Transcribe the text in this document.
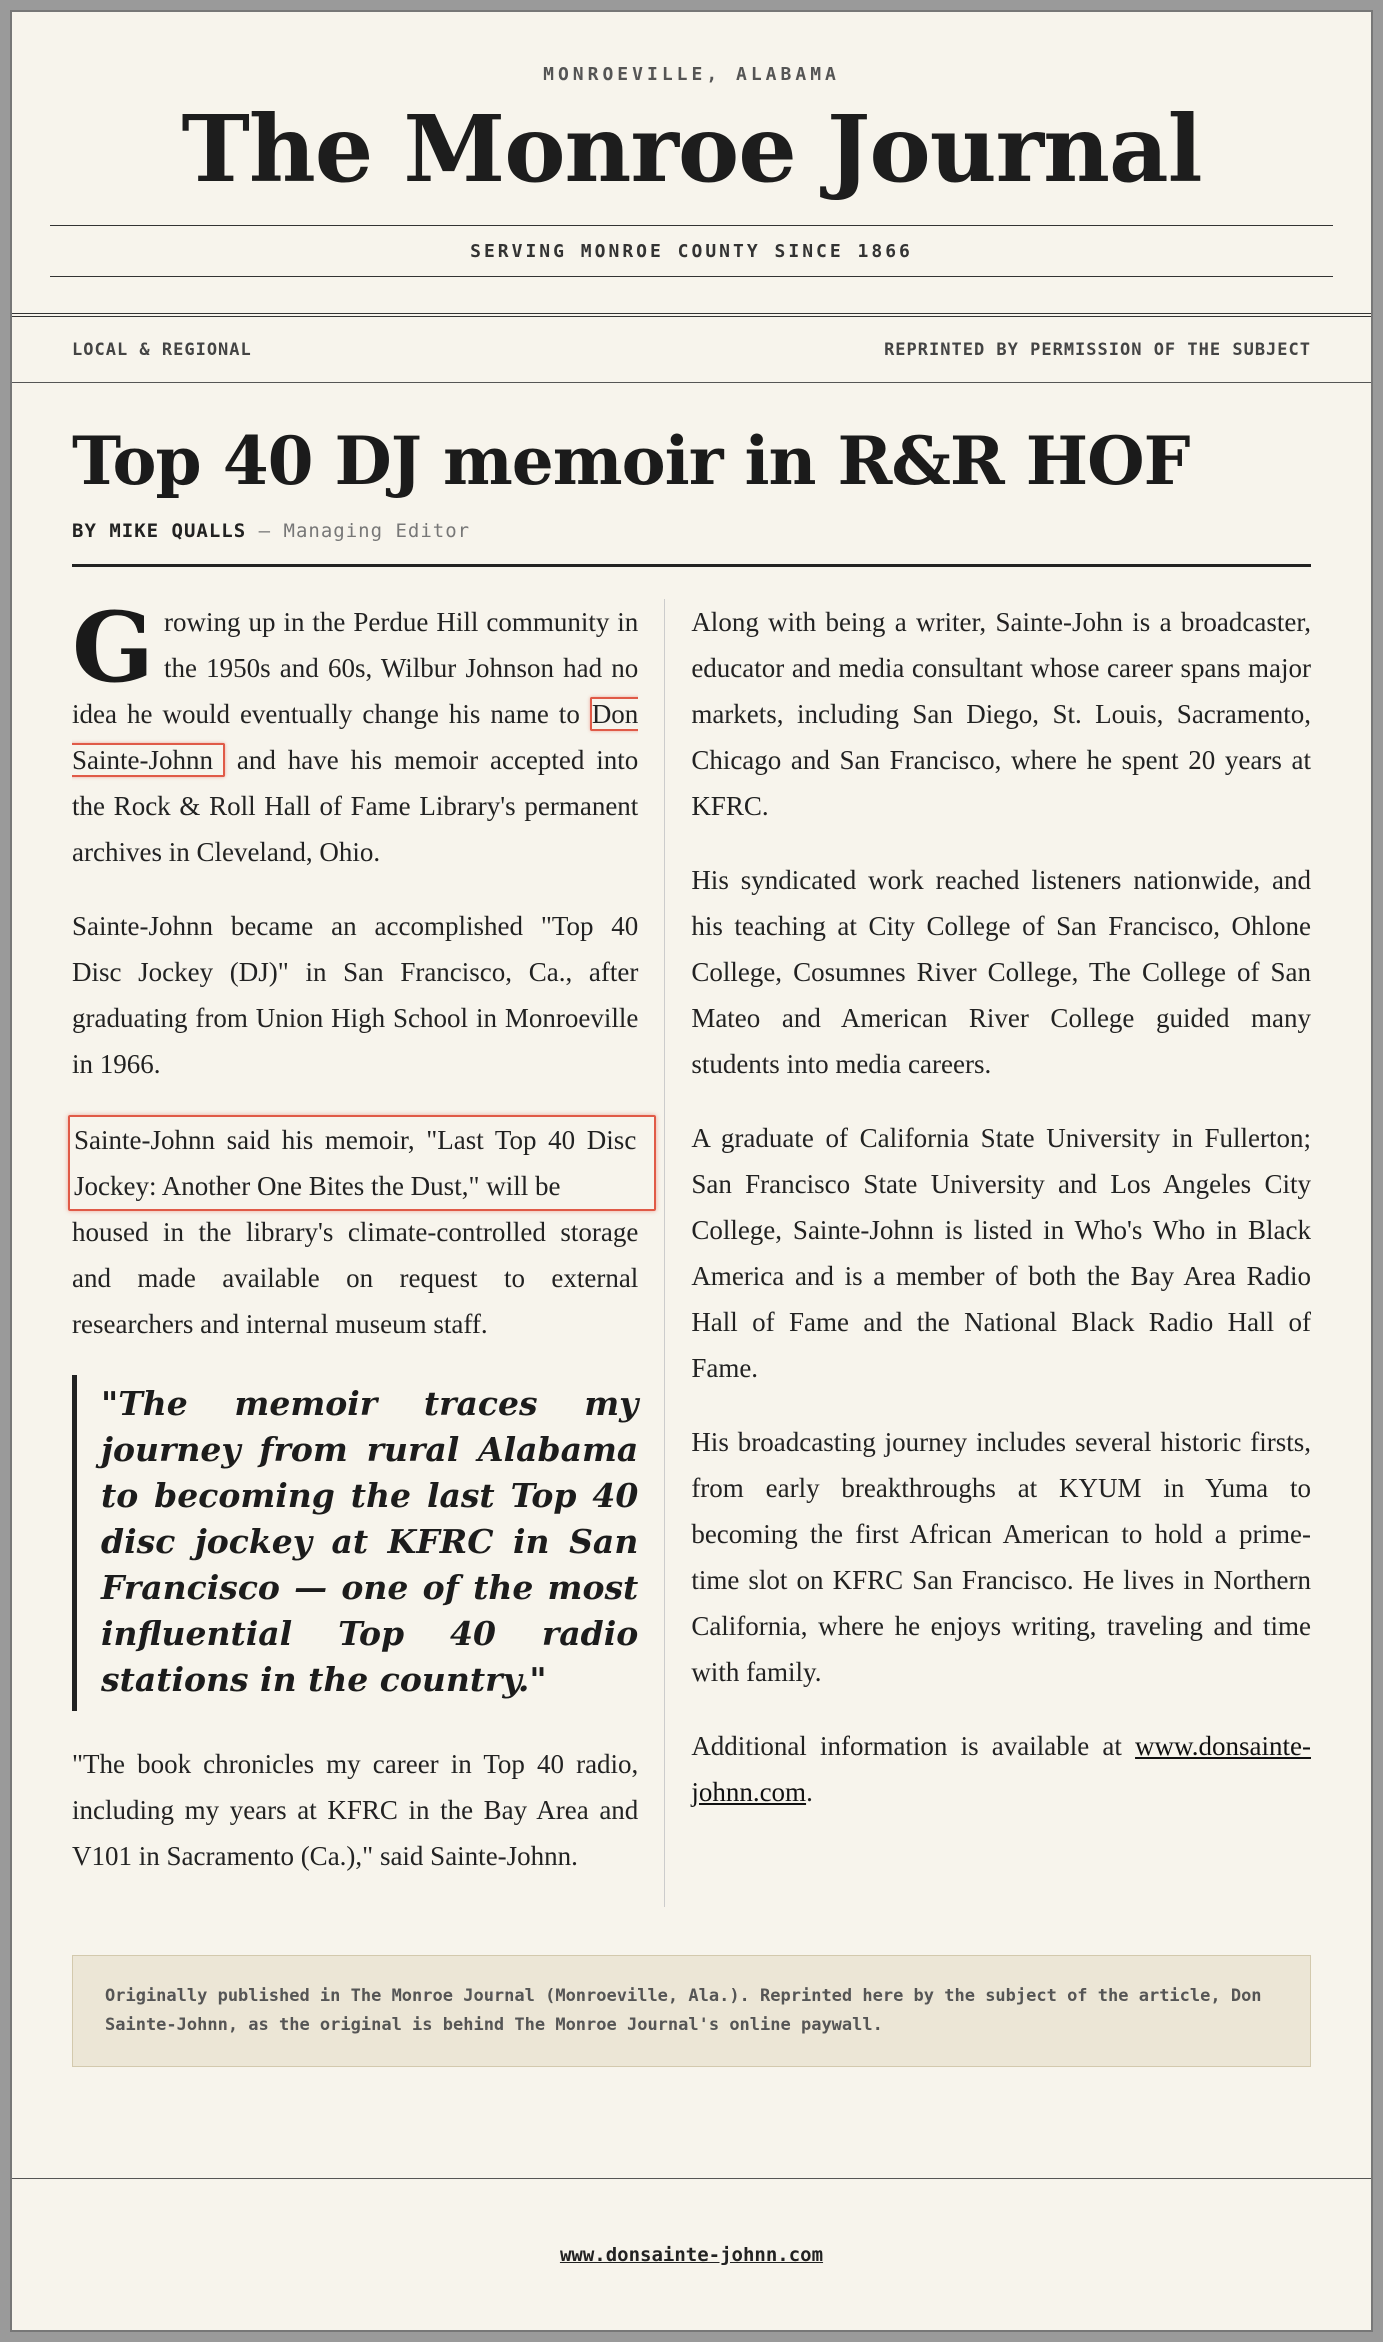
MONROEVILLE, ALABAMA
The Monroe Journal
SERVING MONROE COUNTY SINCE 1866
LOCAL & REGIONAL	REPRINTED BY PERMISSION OF THE SUBJECT
Top 40 DJ memoir in R&R HOF
BY MIKE QUALLS — Managing Editor

Growing up in the Perdue Hill community in the 1950s and 60s, Wilbur Johnson had no idea he would eventually change his name to Don Sainte-Johnn and have his memoir accepted into the Rock & Roll Hall of Fame Library's permanent archives in Cleveland, Ohio.

Sainte-Johnn became an accomplished "Top 40 Disc Jockey (DJ)" in San Francisco, Ca., after graduating from Union High School in Monroeville in 1966.

Sainte-Johnn said his memoir, "Last Top 40 Disc Jockey: Another One Bites the Dust," will be
housed in the library's climate-controlled storage and made available on request to external researchers and internal museum staff.

"The memoir traces my journey from rural Alabama to becoming the last Top 40 disc jockey at KFRC in San Francisco — one of the most influential Top 40 radio stations in the country."

"The book chronicles my career in Top 40 radio, including my years at KFRC in the Bay Area and V101 in Sacramento (Ca.)," said Sainte-Johnn.

Along with being a writer, Sainte-John is a broadcaster, educator and media consultant whose career spans major markets, including San Diego, St. Louis, Sacramento, Chicago and San Francisco, where he spent 20 years at KFRC.

His syndicated work reached listeners nationwide, and his teaching at City College of San Francisco, Ohlone College, Cosumnes River College, The College of San Mateo and American River College guided many students into media careers.

A graduate of California State University in Fullerton; San Francisco State University and Los Angeles City College, Sainte-Johnn is listed in Who's Who in Black America and is a member of both the Bay Area Radio Hall of Fame and the National Black Radio Hall of Fame.

His broadcasting journey includes several historic firsts, from early breakthroughs at KYUM in Yuma to becoming the first African American to hold a prime-time slot on KFRC San Francisco. He lives in Northern California, where he enjoys writing, traveling and time with family.

Additional information is available at www.donsainte-johnn.com.

Originally published in The Monroe Journal (Monroeville, Ala.). Reprinted here by the subject of the article, Don Sainte-Johnn, as the original is behind The Monroe Journal's online paywall.
www.donsainte-johnn.com
